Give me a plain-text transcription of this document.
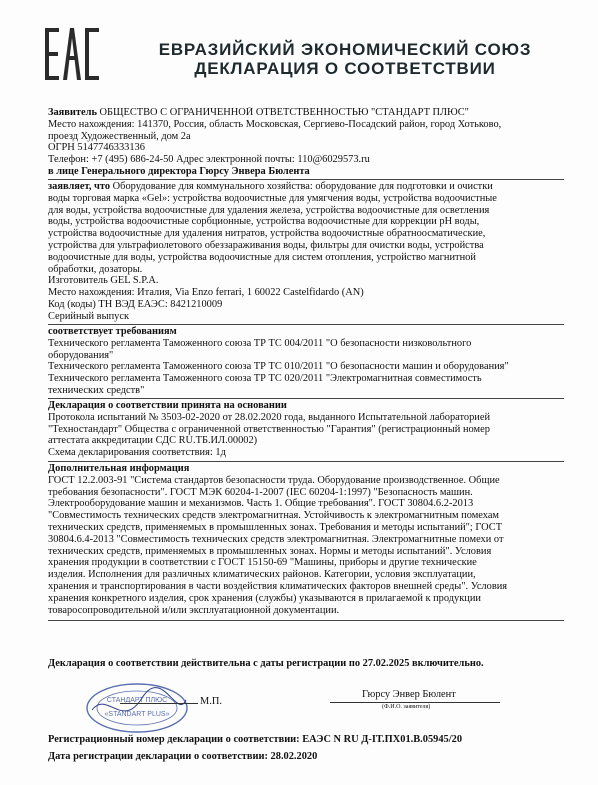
ЕВРАЗИЙСКИЙ ЭКОНОМИЧЕСКИЙ СОЮЗ
ДЕКЛАРАЦИЯ О СООТВЕТСТВИИ
Заявитель ОБЩЕСТВО С ОГРАНИЧЕННОЙ ОТВЕТСТВЕННОСТЬЮ "СТАНДАРТ ПЛЮС"
Место нахождения: 141370, Россия, область Московская, Сергиево-Посадский район, город Хотьково,
проезд Художественный, дом 2а
ОГРН 5147746333136
Телефон: +7 (495) 686-24-50 Адрес электронной почты: 110@6029573.ru
в лице Генерального директора Гюрсу Энвера Бюлента
заявляет, что Оборудование для коммунального хозяйства: оборудование для подготовки и очистки
воды торговая марка «Gel»: устройства водоочистные для умягчения воды, устройства водоочистные
для воды, устройства водоочистные для удаления железа, устройства водоочистные для осветления
воды, устройства водоочистные сорбционные, устройства водоочистные для коррекции pH воды,
устройства водоочистные для удаления нитратов, устройства водоочистные обратноосматические,
устройства для ультрафиолетового обеззараживания воды, фильтры для очистки воды, устройства
водоочистные для воды, устройства водоочистные для систем отопления, устройство магнитной
обработки, дозаторы.
Изготовитель GEL S.P.A.
Место нахождения: Италия, Via Enzo ferrari, 1 60022 Castelfidardo (AN)
Код (коды) ТН ВЭД ЕАЭС: 8421210009
Серийный выпуск
соответствует требованиям
Технического регламента Таможенного союза ТР ТС 004/2011 "О безопасности низковольтного
оборудования"
Технического регламента Таможенного союза ТР ТС 010/2011 "О безопасности машин и оборудования"
Технического регламента Таможенного союза ТР ТС 020/2011 "Электромагнитная совместимость
технических средств"
Декларация о соответствии принята на основании
Протокола испытаний № 3503-02-2020 от 28.02.2020 года, выданного Испытательной лабораторией
"Техностандарт" Общества с ограниченной ответственностью "Гарантия" (регистрационный номер
аттестата аккредитации СДС RU.ТБ.ИЛ.00002)
Схема декларирования соответствия: 1д
Дополнительная информация
ГОСТ 12.2.003-91 "Система стандартов безопасности труда. Оборудование производственное. Общие
требования безопасности". ГОСТ МЭК 60204-1-2007 (IEC 60204-1:1997) "Безопасность машин.
Электрооборудование машин и механизмов. Часть 1. Общие требования". ГОСТ 30804.6.2-2013
"Совместимость технических средств электромагнитная. Устойчивость к электромагнитным помехам
технических средств, применяемых в промышленных зонах. Требования и методы испытаний"; ГОСТ
30804.6.4-2013 "Совместимость технических средств электромагнитная. Электромагнитные помехи от
технических средств, применяемых в промышленных зонах. Нормы и методы испытаний". Условия
хранения продукции в соответствии с ГОСТ 15150-69 "Машины, приборы и другие технические
изделия. Исполнения для различных климатических районов. Категории, условия эксплуатации,
хранения и транспортирования в части воздействия климатических факторов внешней среды". Условия
хранения конкретного изделия, срок хранения (службы) указываются в прилагаемой к продукции
товаросопроводительной и/или эксплуатационной документации.
Декларация о соответствии действительна с даты регистрации по 27.02.2025 включительно.
СТАНДАРТ ПЛЮС
«STANDART PLUS»
М.П.
Гюрсу Энвер Бюлент
(Ф.И.О. заявителя)
Регистрационный номер декларации о соответствии: ЕАЭС N RU Д-IT.ПХ01.В.05945/20
Дата регистрации декларации о соответствии: 28.02.2020
